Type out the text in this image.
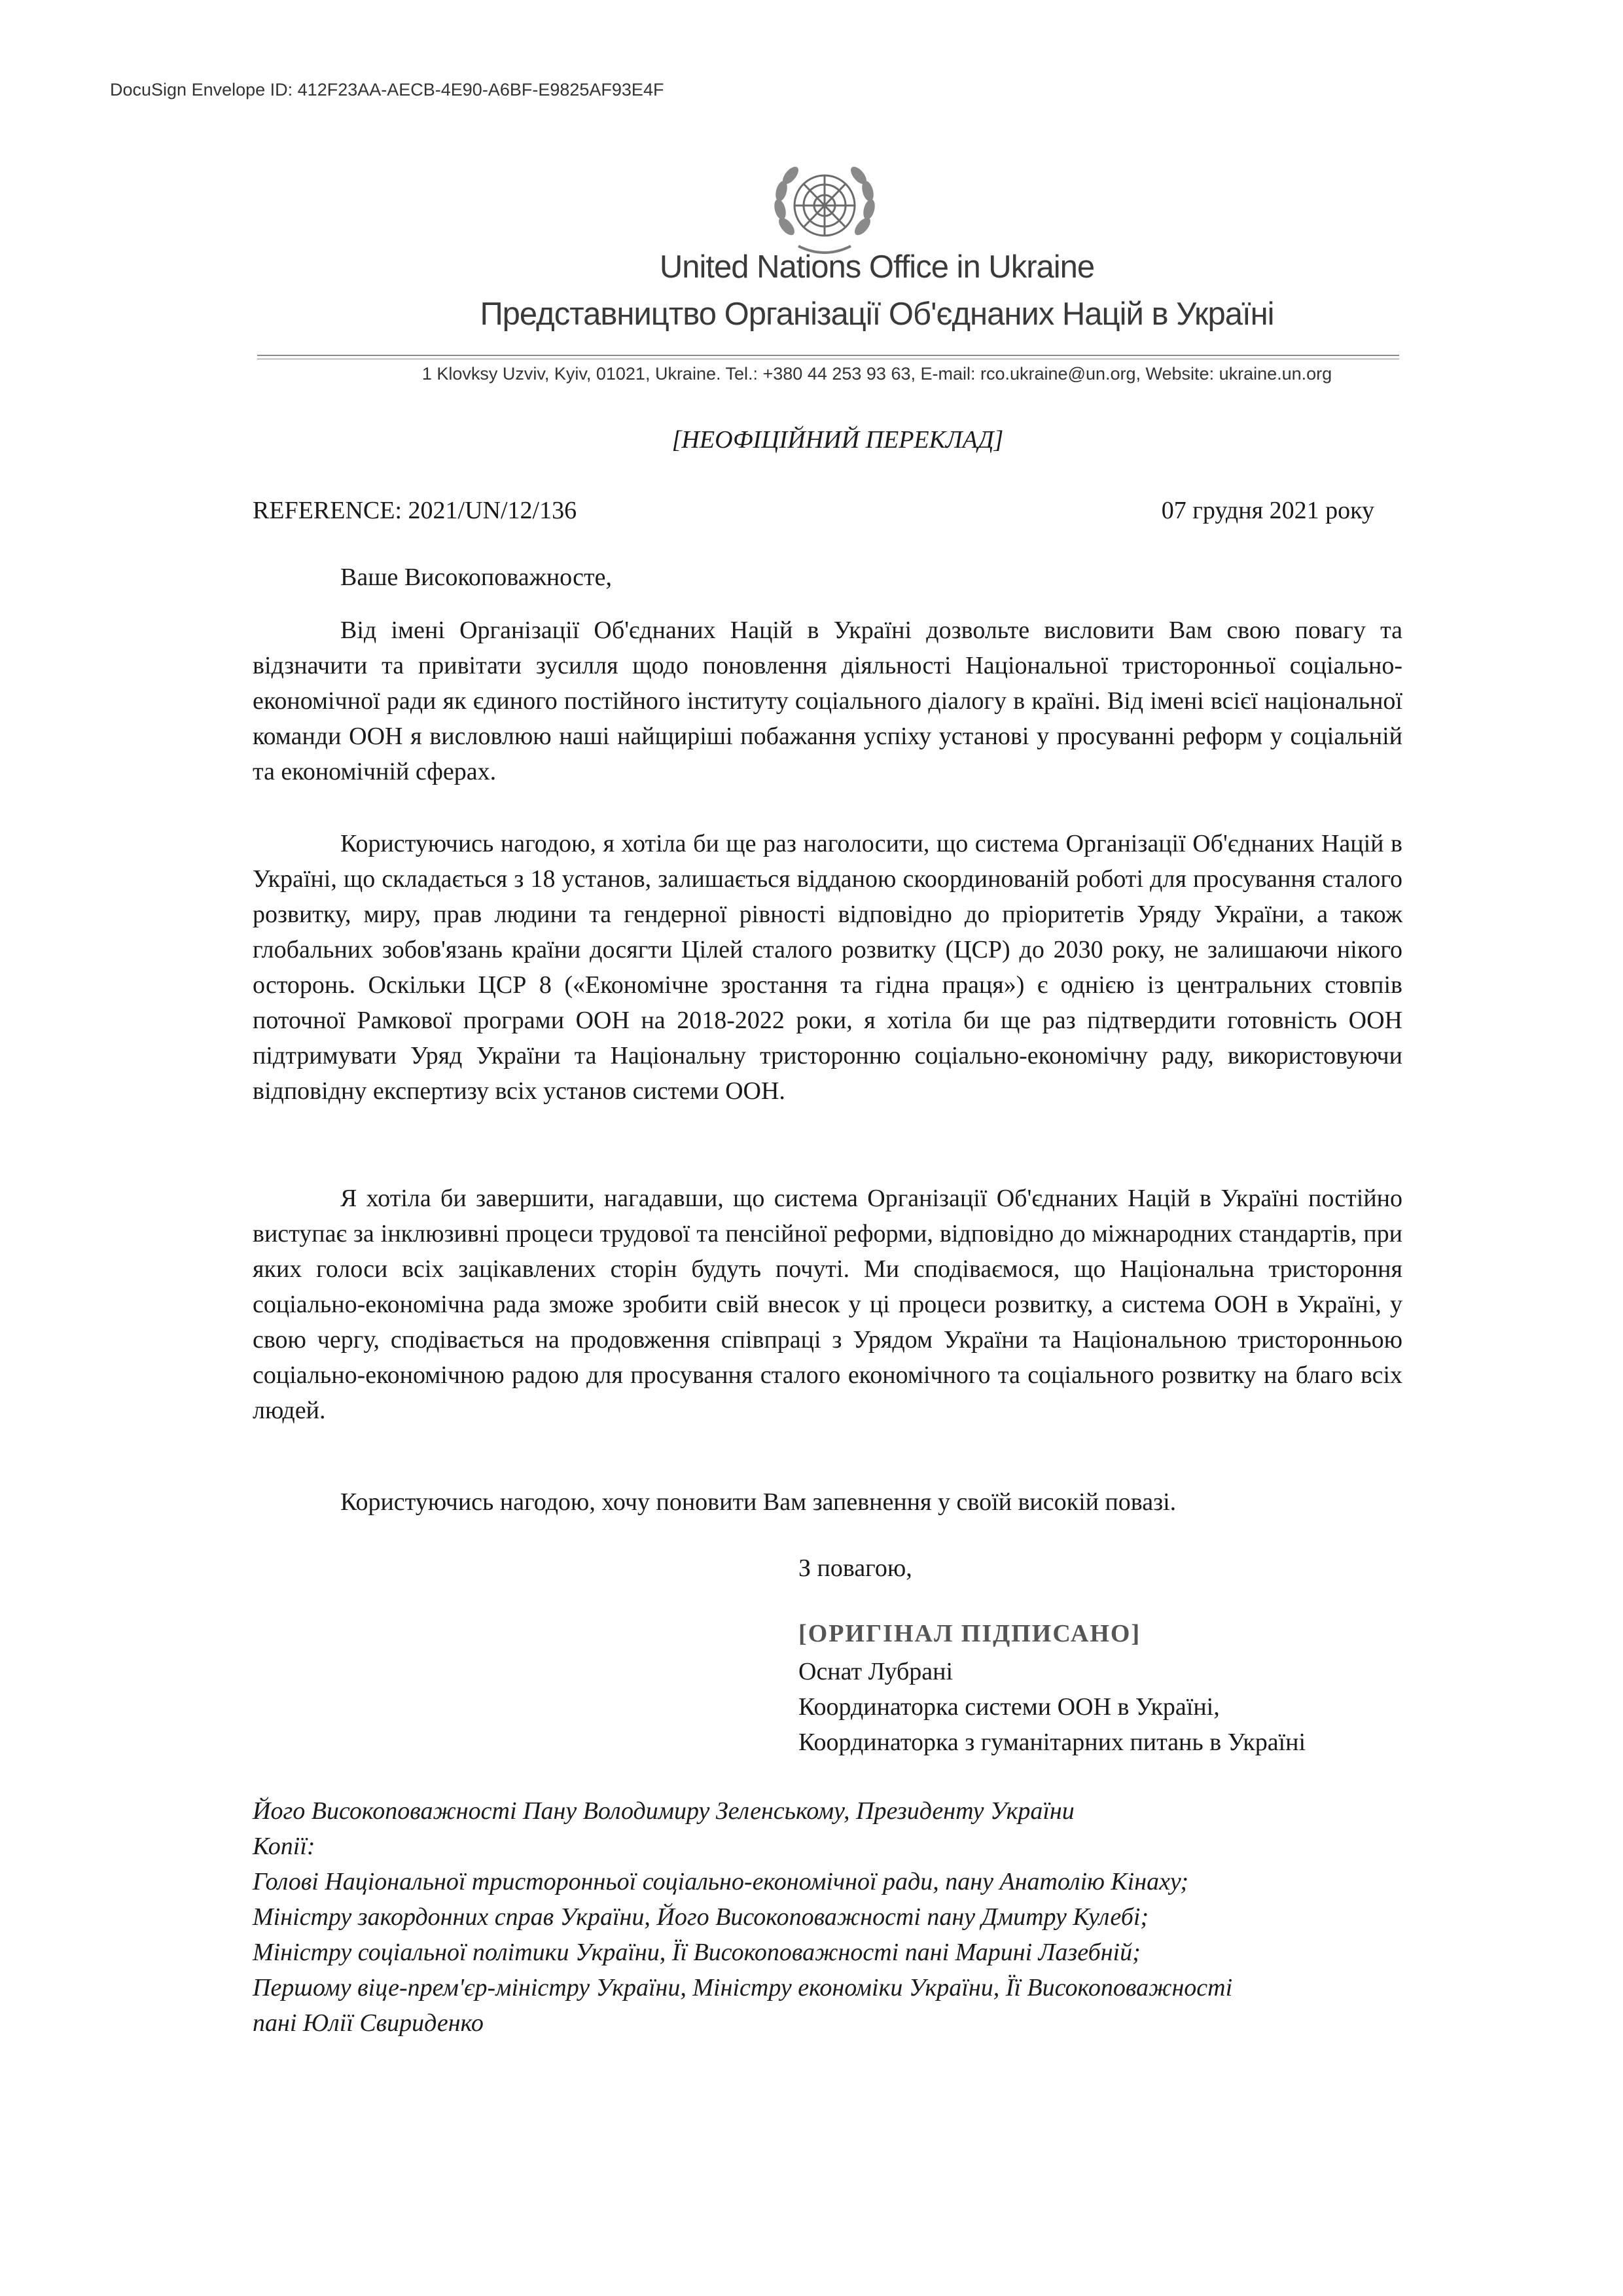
DocuSign Envelope ID: 412F23AA-AECB-4E90-A6BF-E9825AF93E4F
United Nations Office in Ukraine
Представництво Організації Об'єднаних Націй в Україні
1 Klovksy Uzviv, Kyiv, 01021, Ukraine. Tel.: +380 44 253 93 63, E-mail: rco.ukraine@un.org, Website: ukraine.un.org
[НЕОФІЦІЙНИЙ ПЕРЕКЛАД]
REFERENCE: 2021/UN/12/136	07 грудня 2021 року
Ваше Високоповажносте,

Від імені Організації Об'єднаних Націй в Україні дозвольте висловити Вам свою повагу та відзначити та привітати зусилля щодо поновлення діяльності Національної тристоронньої соціально-економічної ради як єдиного постійного інституту соціального діалогу в країні. Від імені всієї національної команди ООН я висловлюю наші найщиріші побажання успіху установі у просуванні реформ у соціальній та економічній сферах.

Користуючись нагодою, я хотіла би ще раз наголосити, що система Організації Об'єднаних Націй в Україні, що складається з 18 установ, залишається відданою скоординованій роботі для просування сталого розвитку, миру, прав людини та гендерної рівності відповідно до пріоритетів Уряду України, а також глобальних зобов'язань країни досягти Цілей сталого розвитку (ЦСР) до 2030 року, не залишаючи нікого осторонь. Оскільки ЦСР 8 («Економічне зростання та гідна праця») є однією із центральних стовпів поточної Рамкової програми ООН на 2018-2022 роки, я хотіла би ще раз підтвердити готовність ООН підтримувати Уряд України та Національну тристоронню соціально-економічну раду, використовуючи відповідну експертизу всіх установ системи ООН.

Я хотіла би завершити, нагадавши, що система Організації Об'єднаних Націй в Україні постійно виступає за інклюзивні процеси трудової та пенсійної реформи, відповідно до міжнародних стандартів, при яких голоси всіх зацікавлених сторін будуть почуті. Ми сподіваємося, що Національна тристороння соціально-економічна рада зможе зробити свій внесок у ці процеси розвитку, а система ООН в Україні, у свою чергу, сподівається на продовження співпраці з Урядом України та Національною тристоронньою соціально-економічною радою для просування сталого економічного та соціального розвитку на благо всіх людей.

Користуючись нагодою, хочу поновити Вам запевнення у своїй високій повазі.

З повагою,
[ОРИГІНАЛ ПІДПИСАНО]
Оснат Лубрані
Координаторка системи ООН в Україні,
Координаторка з гуманітарних питань в Україні
Його Високоповажності Пану Володимиру Зеленському, Президенту України
Копії:
Голові Національної тристоронньої соціально-економічної ради, пану Анатолію Кінаху;
Міністру закордонних справ України, Його Високоповажності пану Дмитру Кулебі;
Міністру соціальної політики України, Її Високоповажності пані Марині Лазебній;
Першому віце-прем'єр-міністру України, Міністру економіки України, Її Високоповажності
пані Юлії Свириденко
